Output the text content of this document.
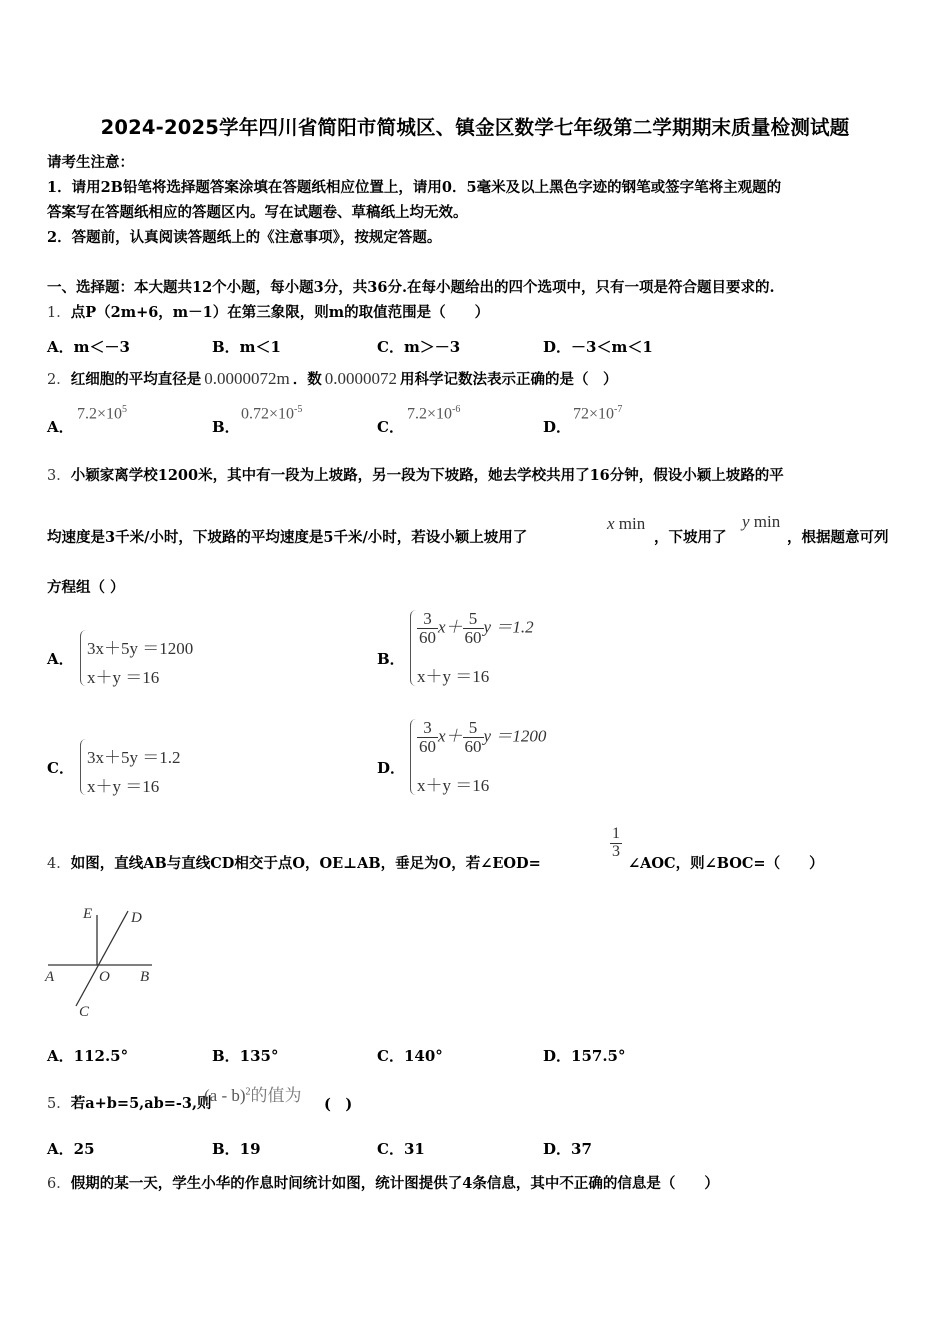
2024-2025学年四川省简阳市简城区、镇金区数学七年级第二学期期末质量检测试题
请考生注意：
1．请用2B铅笔将选择题答案涂填在答题纸相应位置上，请用0．5毫米及以上黑色字迹的钢笔或签字笔将主观题的
答案写在答题纸相应的答题区内。写在试题卷、草稿纸上均无效。
2．答题前，认真阅读答题纸上的《注意事项》，按规定答题。
一、选择题：本大题共12个小题，每小题3分，共36分.在每小题给出的四个选项中，只有一项是符合题目要求的.
1．点P（2m+6，m－1）在第三象限，则m的取值范围是（　　）
A．m＜－3	B．m＜1	C．m＞－3	D．－3＜m＜1
2．红细胞的平均直径是 0.0000072m ．数 0.0000072 用科学记数法表示正确的是（　）
A．
$7.2\times 10^5$
B．
$0.72\times 10^{-5}$
C．
$7.2\times 10^{-6}$
D．
$72\times 10^{-7}$
3．小颖家离学校1200米，其中有一段为上坡路，另一段为下坡路，她去学校共用了16分钟，假设小颖上坡路的平
均速度是3千米/小时，下坡路的平均速度是5千米/小时，若设小颖上坡用了
x min
，下坡用了
y min
，根据题意可列
方程组（ ）
A．
3x＋5y ＝1200
x＋y ＝16
B．
$\frac{3}{60} x+ \frac{5}{60}$ y ＝1.2
x＋y ＝16
C．
3x＋5y ＝1.2
x＋y ＝16
D．
$\frac{3}{60} x+ \frac{5}{60}$ y ＝1200
x＋y ＝16
4．如图，直线AB与直线CD相交于点O，OE⊥AB，垂足为O，若∠EOD=
$\frac{1}{3}$
∠AOC，则∠BOC=（　　）
E	D
A	O B
C
A．112.5°	B．135°	C．140°	D．157.5°
5．若a+b=5,ab=-3,则
(a - b)$^2$的值为 (　)
A．25	B．19	C．31	D．37
6．假期的某一天，学生小华的作息时间统计如图，统计图提供了4条信息，其中不正确的信息是（　　）
